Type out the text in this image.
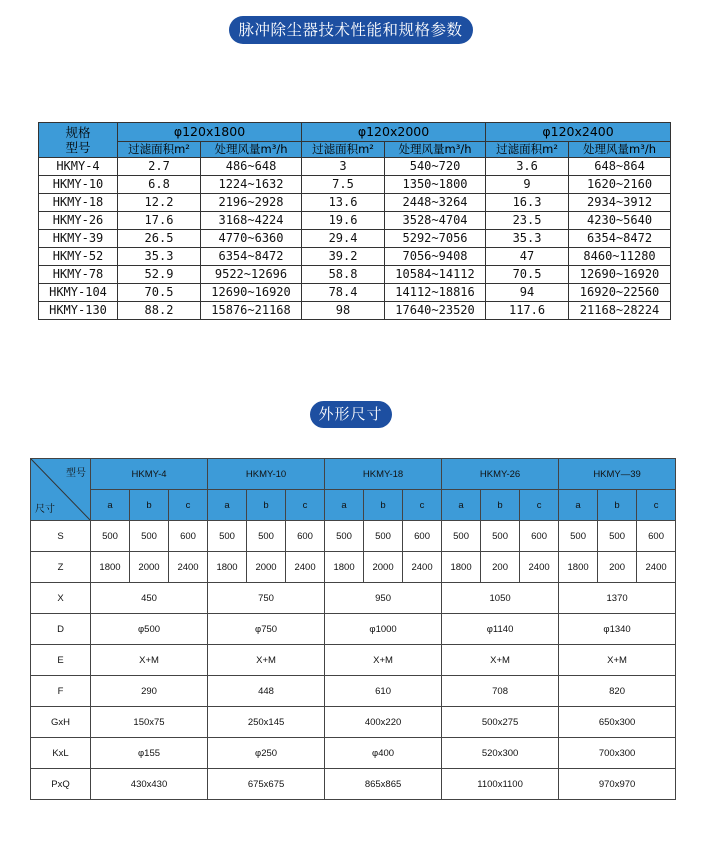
脉冲除尘器技术性能和规格参数
规格
型号	φ120x1800		φ120x2000		φ120x2400	
	过滤面积m²	处理风量m³/h	过滤面积m²	处理风量m³/h	过滤面积m²	处理风量m³/h
HKMY-4	2.7	486~648	3	540~720	3.6	648~864
HKMY-10	6.8	1224~1632	7.5	1350~1800	9	1620~2160
HKMY-18	12.2	2196~2928	13.6	2448~3264	16.3	2934~3912
HKMY-26	17.6	3168~4224	19.6	3528~4704	23.5	4230~5640
HKMY-39	26.5	4770~6360	29.4	5292~7056	35.3	6354~8472
HKMY-52	35.3	6354~8472	39.2	7056~9408	47	8460~11280
HKMY-78	52.9	9522~12696	58.8	10584~14112	70.5	12690~16920
HKMY-104	70.5	12690~16920	78.4	14112~18816	94	16920~22560
HKMY-130	88.2	15876~21168	98	17640~23520	117.6	21168~28224
外形尺寸
型号
尺寸	HKMY-4			HKMY-10			HKMY-18			HKMY-26			HKMY—39		
	a	b	c	a	b	c	a	b	c	a	b	c	a	b	c
S	500	500	600	500	500	600	500	500	600	500	500	600	500	500	600
Z	1800	2000	2400	1800	2000	2400	1800	2000	2400	1800	200	2400	1800	200	2400
X	450			750			950			1050			1370		
D	φ500			φ750			φ1000			φ1140			φ1340		
E	X+M			X+M			X+M			X+M			X+M		
F	290			448			610			708			820		
GxH	150x75			250x145			400x220			500x275			650x300		
KxL	φ155			φ250			φ400			520x300			700x300		
PxQ	430x430			675x675			865x865			1100x1100			970x970		
